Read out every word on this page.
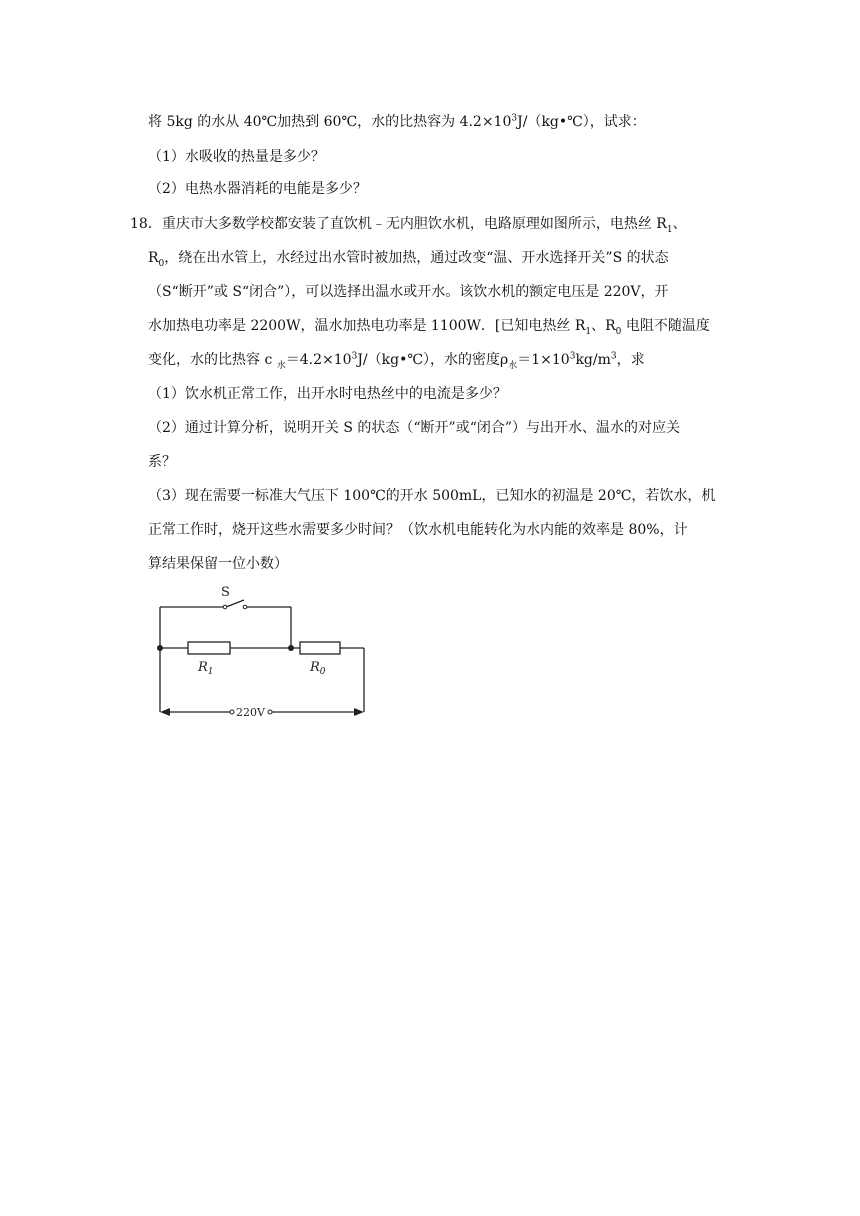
将 5kg 的水从 40℃加热到 60℃，水的比热容为 $4.2\times 10^3J/(kg•℃)$，试求：
（1）水吸收的热量是多少？
（2）电热水器消耗的电能是多少？
18．重庆市大多数学校都安装了直饮机﹣无内胆饮水机，电路原理如图所示，电热丝 $R_1$、
$R_0$，绕在出水管上，水经过出水管时被加热，通过改变“温、开水选择开关”S 的状态
（S“断开”或 S“闭合”），可以选择出温水或开水。该饮水机的额定电压是 220V，开
水加热电功率是 2200W，温水加热电功率是 1100W．[已知电热丝 $R_1$、$R_0$ 电阻不随温度
变化，水的比热容 c $_水=4.2\times 10^3J/(kg•℃)$，水的密度$\rho_水=1\times 10^3kg/m^3$，求
（1）饮水机正常工作，出开水时电热丝中的电流是多少？
（2）通过计算分析，说明开关 S 的状态（“断开”或“闭合”）与出开水、温水的对应关
系？
（3）现在需要一标准大气压下 100℃的开水 500mL，已知水的初温是 20℃，若饮水，机
正常工作时，烧开这些水需要多少时间？（饮水机电能转化为水内能的效率是 80%，计
算结果保留一位小数）
S
$R_1$	$R_0$
220V
